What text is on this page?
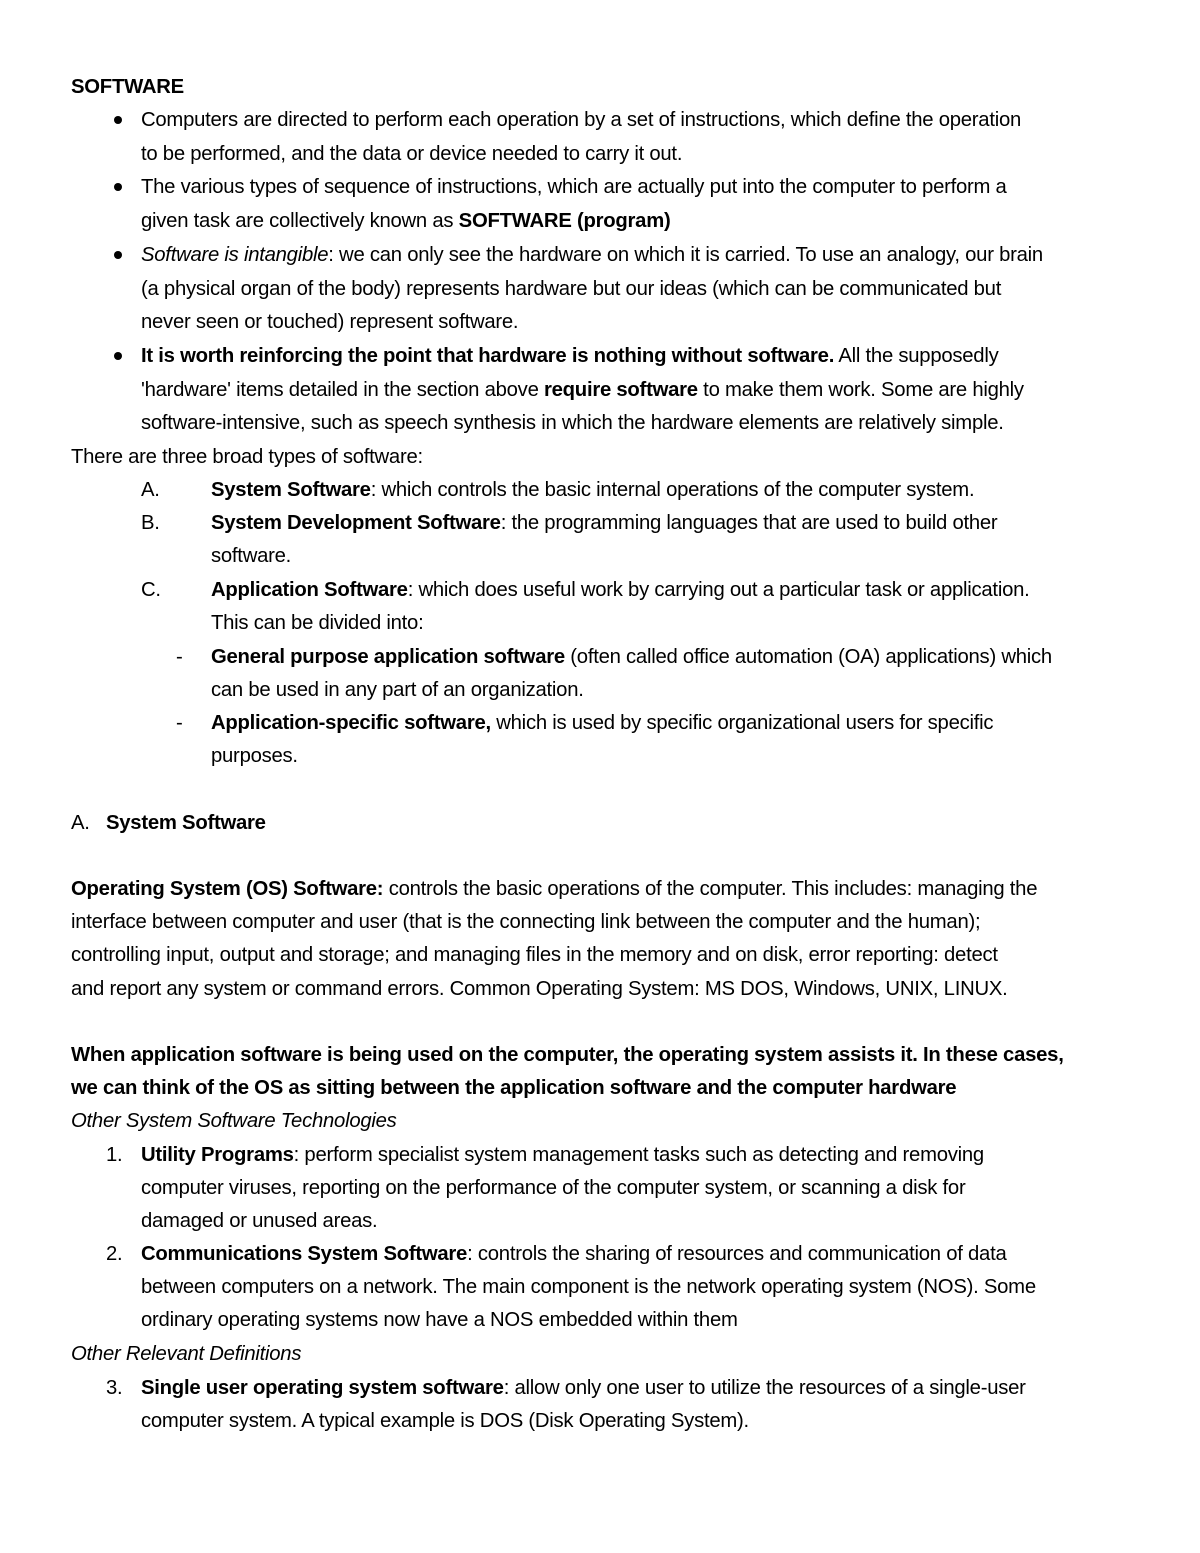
SOFTWARE
Computers are directed to perform each operation by a set of instructions, which define the operation
to be performed, and the data or device needed to carry it out.
The various types of sequence of instructions, which are actually put into the computer to perform a
given task are collectively known as SOFTWARE (program)
Software is intangible: we can only see the hardware on which it is carried. To use an analogy, our brain
(a physical organ of the body) represents hardware but our ideas (which can be communicated but
never seen or touched) represent software.
It is worth reinforcing the point that hardware is nothing without software. All the supposedly
'hardware' items detailed in the section above require software to make them work. Some are highly
software-intensive, such as speech synthesis in which the hardware elements are relatively simple.
There are three broad types of software:
A.	System Software: which controls the basic internal operations of the computer system.
B.	System Development Software: the programming languages that are used to build other
software.
C. Application Software: which does useful work by carrying out a particular task or application.
This can be divided into:
- General purpose application software (often called office automation (OA) applications) which
can be used in any part of an organization.
- Application-specific software, which is used by specific organizational users for specific
purposes.
A. System Software
Operating System (OS) Software: controls the basic operations of the computer. This includes: managing the
interface between computer and user (that is the connecting link between the computer and the human);
controlling input, output and storage; and managing files in the memory and on disk, error reporting: detect
and report any system or command errors. Common Operating System: MS DOS, Windows, UNIX, LINUX.
When application software is being used on the computer, the operating system assists it. In these cases,
we can think of the OS as sitting between the application software and the computer hardware
Other System Software Technologies
1. Utility Programs: perform specialist system management tasks such as detecting and removing
computer viruses, reporting on the performance of the computer system, or scanning a disk for
damaged or unused areas.
2. Communications System Software: controls the sharing of resources and communication of data
between computers on a network. The main component is the network operating system (NOS). Some
ordinary operating systems now have a NOS embedded within them
Other Relevant Definitions
3. Single user operating system software: allow only one user to utilize the resources of a single-user
computer system. A typical example is DOS (Disk Operating System).
